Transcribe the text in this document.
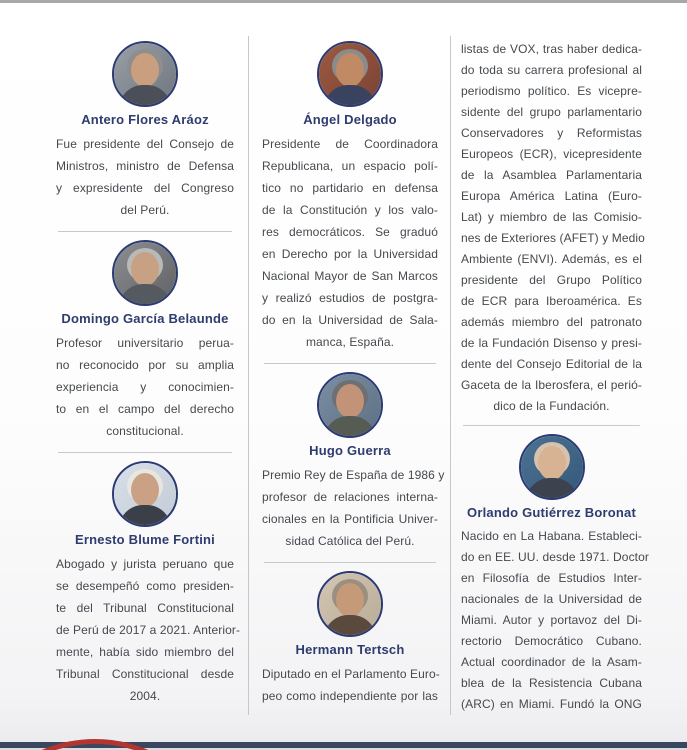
Antero Flores Aráoz
Fue presidente del Consejo de
Ministros, ministro de Defensa
y expresidente del Congreso
del Perú.
Domingo García Belaunde
Profesor universitario perua-
no reconocido por su amplia
experiencia y conocimien-
to en el campo del derecho
constitucional.
Ernesto Blume Fortini
Abogado y jurista peruano que
se desempeñó como presiden-
te del Tribunal Constitucional
de Perú de 2017 a 2021. Anterior-
mente, había sido miembro del
Tribunal Constitucional desde
2004.
Ángel Delgado
Presidente de Coordinadora
Republicana, un espacio polí-
tico no partidario en defensa
de la Constitución y los valo-
res democráticos. Se graduó
en Derecho por la Universidad
Nacional Mayor de San Marcos
y realizó estudios de postgra-
do en la Universidad de Sala-
manca, España.
Hugo Guerra
Premio Rey de España de 1986 y
profesor de relaciones interna-
cionales en la Pontificia Univer-
sidad Católica del Perú.
Hermann Tertsch
Diputado en el Parlamento Euro-
peo como independiente por las
listas de VOX, tras haber dedica-
do toda su carrera profesional al
periodismo político. Es vicepre-
sidente del grupo parlamentario
Conservadores y Reformistas
Europeos (ECR), vicepresidente
de la Asamblea Parlamentaria
Europa América Latina (Euro-
Lat) y miembro de las Comisio-
nes de Exteriores (AFET) y Medio
Ambiente (ENVI). Además, es el
presidente del Grupo Político
de ECR para Iberoamérica. Es
además miembro del patronato
de la Fundación Disenso y presi-
dente del Consejo Editorial de la
Gaceta de la Iberosfera, el perió-
dico de la Fundación.
Orlando Gutiérrez Boronat
Nacido en La Habana. Estableci-
do en EE. UU. desde 1971. Doctor
en Filosofía de Estudios Inter-
nacionales de la Universidad de
Miami. Autor y portavoz del Di-
rectorio Democrático Cubano.
Actual coordinador de la Asam-
blea de la Resistencia Cubana
(ARC) en Miami. Fundó la ONG
